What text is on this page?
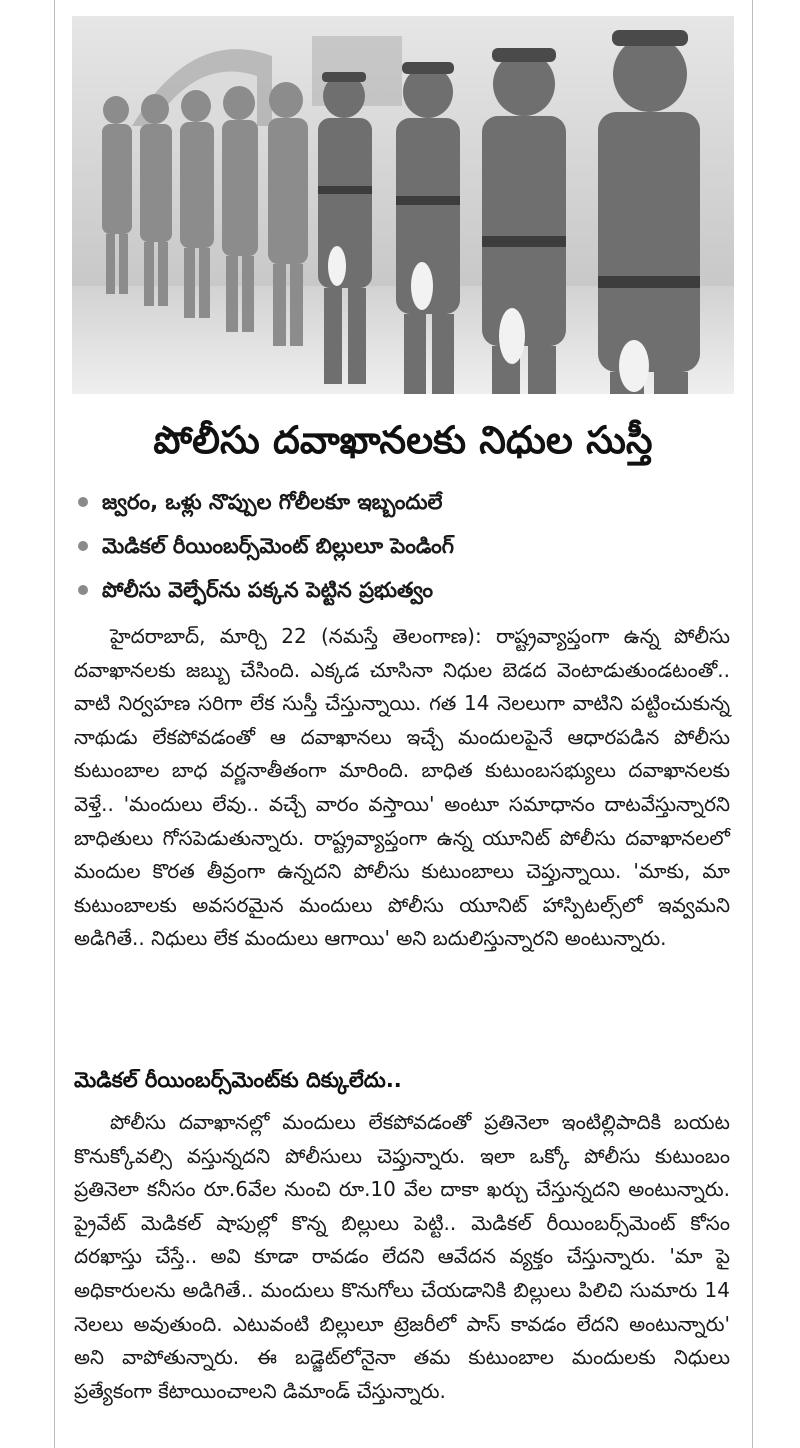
పోలీసు దవాఖానలకు నిధుల సుస్తీ
జ్వరం, ఒళ్లు నొప్పుల గోలీలకూ ఇబ్బందులే
మెడికల్ రీయింబర్స్‌మెంట్ బిల్లులూ పెండింగ్
పోలీసు వెల్ఫేర్‌ను పక్కన పెట్టిన ప్రభుత్వం

హైదరాబాద్, మార్చి 22 (నమస్తే తెలంగాణ): రాష్ట్రవ్యాప్తంగా ఉన్న పోలీసు దవాఖానలకు జబ్బు చేసింది. ఎక్కడ చూసినా నిధుల బెడద వెంటాడుతుండటంతో.. వాటి నిర్వహణ సరిగా లేక సుస్తీ చేస్తున్నాయి. గత 14 నెలలుగా వాటిని పట్టించుకున్న నాథుడు లేకపోవడంతో ఆ దవాఖానలు ఇచ్చే మందులపైనే ఆధారపడిన పోలీసు కుటుంబాల బాధ వర్ణనాతీతంగా మారింది. బాధిత కుటుంబసభ్యులు దవాఖానలకు వెళ్తే.. 'మందులు లేవు.. వచ్చే వారం వస్తాయి' అంటూ సమాధానం దాటవేస్తున్నారని బాధితులు గోసపెడుతున్నారు. రాష్ట్రవ్యాప్తంగా ఉన్న యూనిట్ పోలీసు దవాఖానలలో మందుల కొరత తీవ్రంగా ఉన్నదని పోలీసు కుటుంబాలు చెప్తున్నాయి. 'మాకు, మా కుటుంబాలకు అవసరమైన మందులు పోలీసు యూనిట్ హాస్పిటల్స్‌లో ఇవ్వమని అడిగితే.. నిధులు లేక మందులు ఆగాయి' అని బదులిస్తున్నారని అంటున్నారు.

మెడికల్ రీయింబర్స్‌మెంట్‌కు దిక్కులేదు..

పోలీసు దవాఖానల్లో మందులు లేకపోవడంతో ప్రతినెలా ఇంటిల్లిపాదికి బయట కొనుక్కోవల్సి వస్తున్నదని పోలీసులు చెప్తున్నారు. ఇలా ఒక్కో పోలీసు కుటుంబం ప్రతినెలా కనీసం రూ.6వేల నుంచి రూ.10 వేల దాకా ఖర్చు చేస్తున్నదని అంటున్నారు. ప్రైవేట్ మెడికల్ షాపుల్లో కొన్న బిల్లులు పెట్టి.. మెడికల్ రీయింబర్స్‌మెంట్ కోసం దరఖాస్తు చేస్తే.. అవి కూడా రావడం లేదని ఆవేదన వ్యక్తం చేస్తున్నారు. 'మా పై అధికారులను అడిగితే.. మందులు కొనుగోలు చేయడానికి బిల్లులు పిలిచి సుమారు 14 నెలలు అవుతుంది. ఎటువంటి బిల్లులూ ట్రెజరీలో పాస్ కావడం లేదని అంటున్నారు' అని వాపోతున్నారు. ఈ బడ్జెట్‌లోనైనా తమ కుటుంబాల మందులకు నిధులు ప్రత్యేకంగా కేటాయించాలని డిమాండ్ చేస్తున్నారు.
